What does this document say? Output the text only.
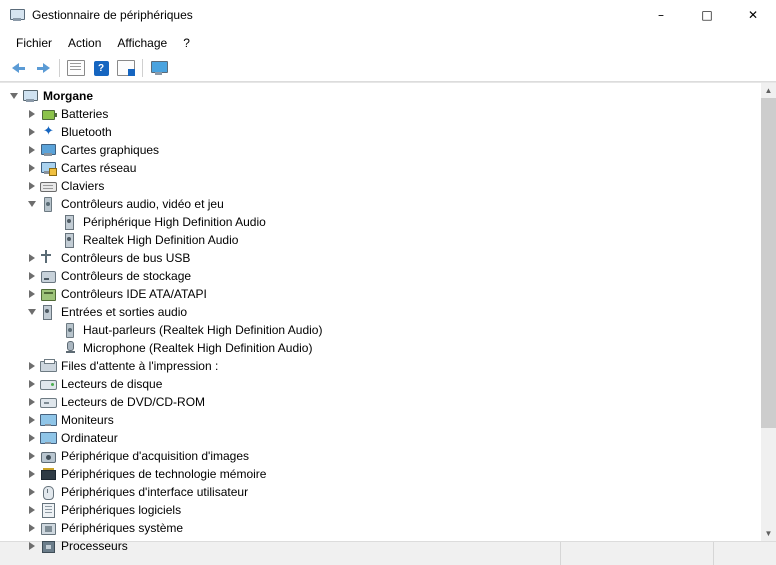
Gestionnaire de périphériques	–	□	✕
Fichier	Action	Affichage	?
?
Morgane
Batteries
✦ Bluetooth
Cartes graphiques
Cartes réseau
Claviers
Contrôleurs audio, vidéo et jeu
Périphérique High Definition Audio
Realtek High Definition Audio
Contrôleurs de bus USB
Contrôleurs de stockage
Contrôleurs IDE ATA/ATAPI
Entrées et sorties audio
Haut-parleurs (Realtek High Definition Audio)
Microphone (Realtek High Definition Audio)
Files d'attente à l'impression :
Lecteurs de disque
Lecteurs de DVD/CD-ROM
Moniteurs
Ordinateur
Périphérique d'acquisition d'images
Périphériques de technologie mémoire
Périphériques d'interface utilisateur
Périphériques logiciels
Périphériques système
Processeurs
▲
▼
